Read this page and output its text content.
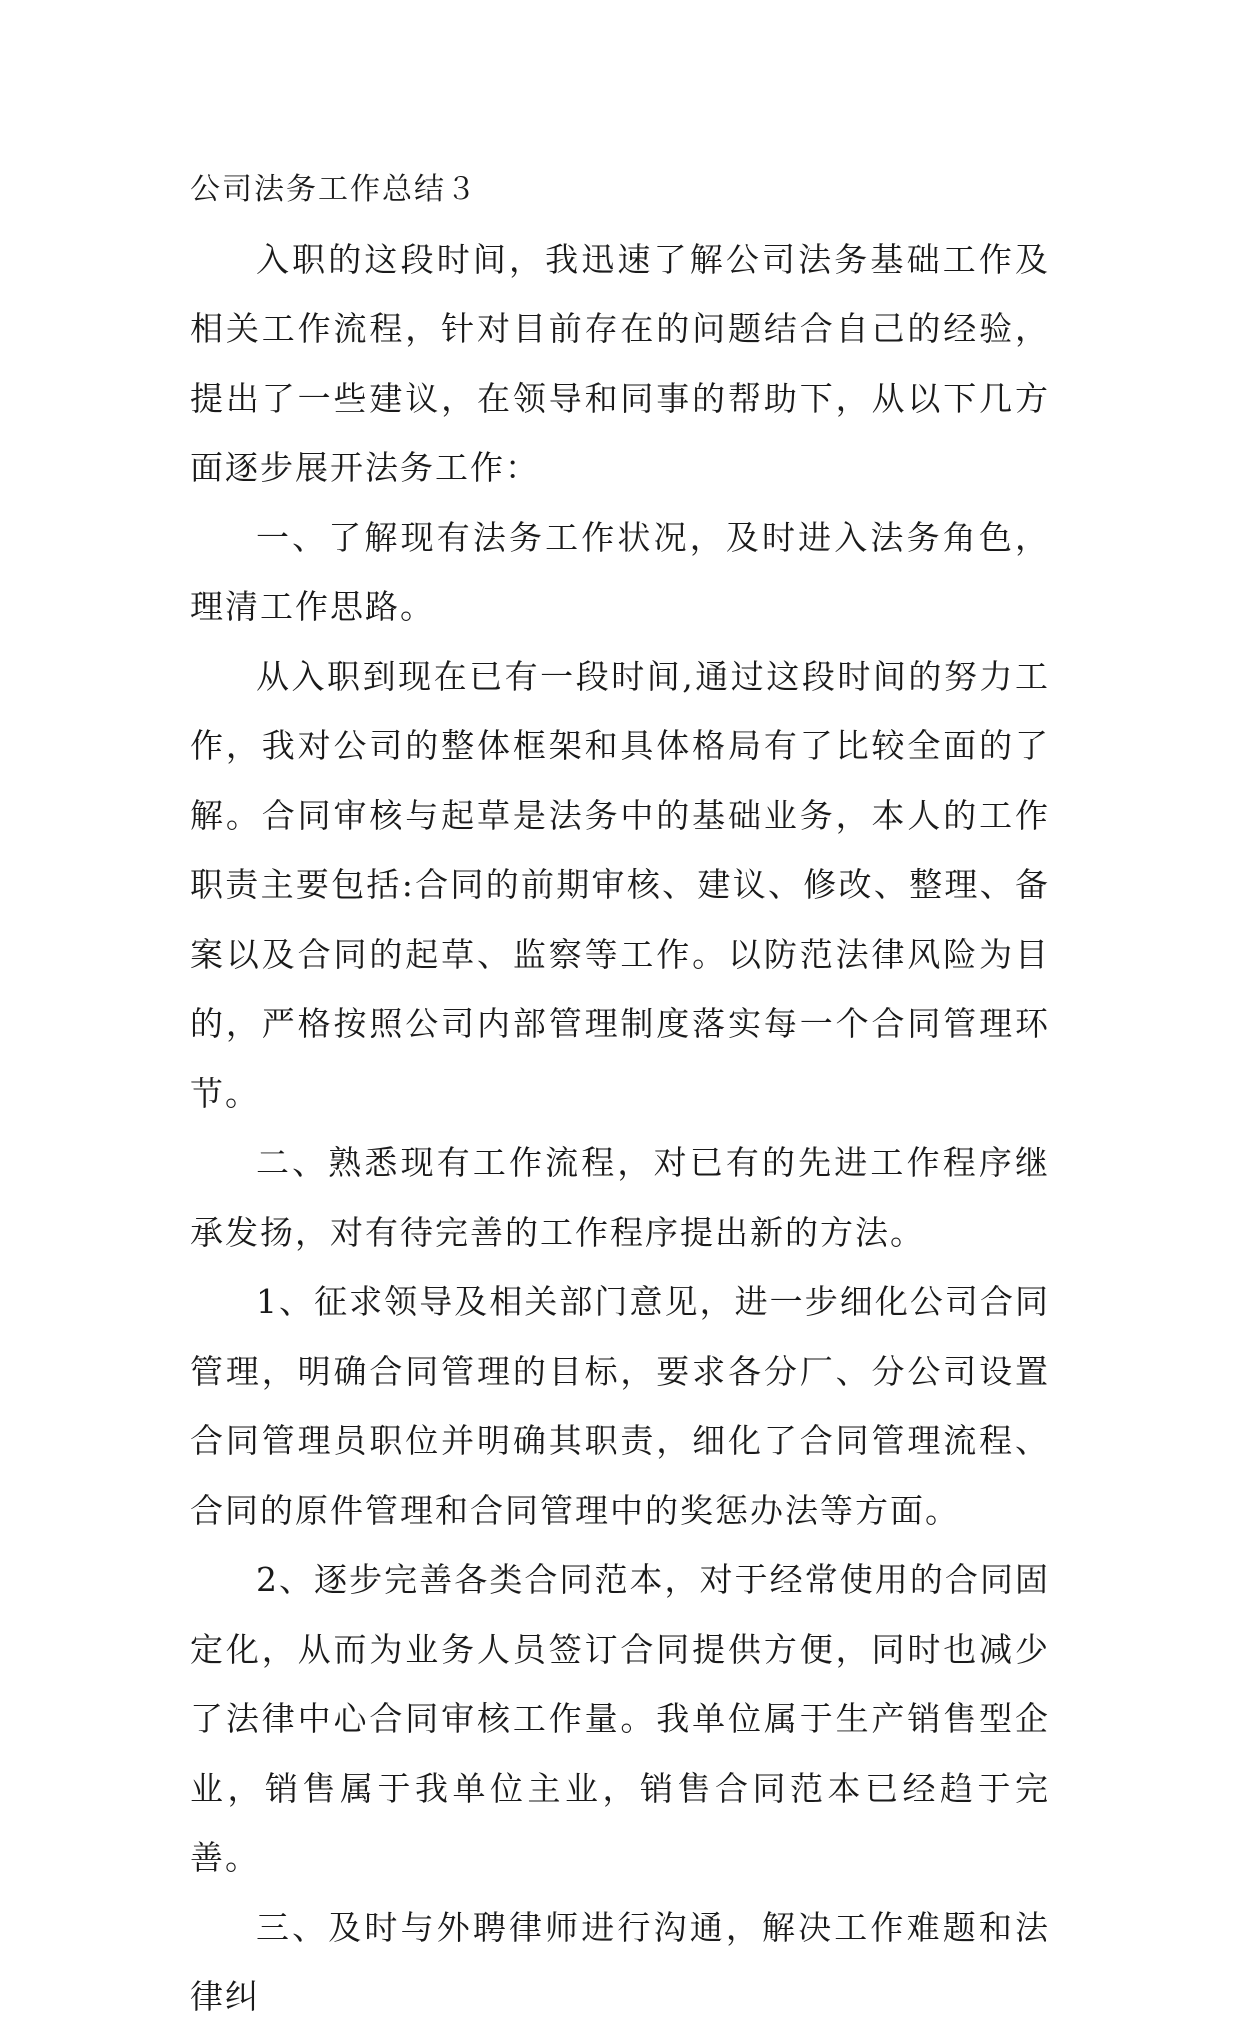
公司法务工作总结３

入职的这段时间，我迅速了解公司法务基础工作及相关工作流程，针对目前存在的问题结合自己的经验，提出了一些建议，在领导和同事的帮助下，从以下几方面逐步展开法务工作：

一、了解现有法务工作状况，及时进入法务角色，理清工作思路。

从入职到现在已有一段时间,通过这段时间的努力工作，我对公司的整体框架和具体格局有了比较全面的了解。合同审核与起草是法务中的基础业务，本人的工作职责主要包括:合同的前期审核、建议、修改、整理、备案以及合同的起草、监察等工作。以防范法律风险为目的，严格按照公司内部管理制度落实每一个合同管理环节。

二、熟悉现有工作流程，对已有的先进工作程序继承发扬，对有待完善的工作程序提出新的方法。

1、征求领导及相关部门意见，进一步细化公司合同管理，明确合同管理的目标，要求各分厂、分公司设置合同管理员职位并明确其职责，细化了合同管理流程、合同的原件管理和合同管理中的奖惩办法等方面。

2、逐步完善各类合同范本，对于经常使用的合同固定化，从而为业务人员签订合同提供方便，同时也减少了法律中心合同审核工作量。我单位属于生产销售型企业，销售属于我单位主业，销售合同范本已经趋于完善。

三、及时与外聘律师进行沟通，解决工作难题和法律纠
